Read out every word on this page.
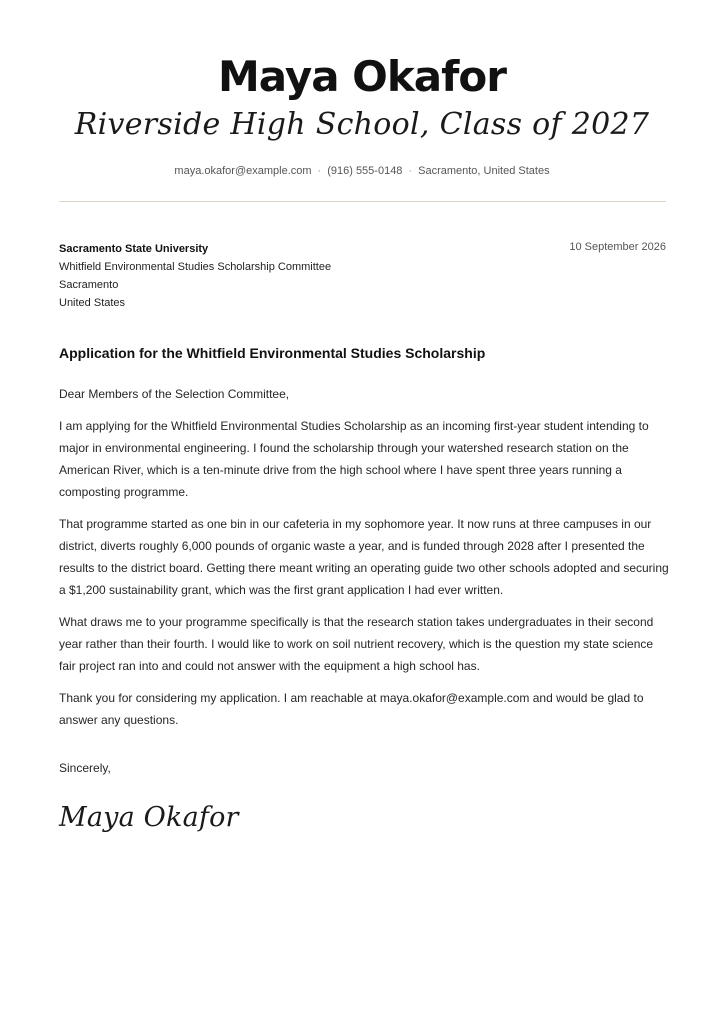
Maya Okafor
Riverside High School, Class of 2027
maya.okafor@example.com · (916) 555-0148 · Sacramento, United States
Sacramento State University
Whitfield Environmental Studies Scholarship Committee
Sacramento
United States
10 September 2026
Application for the Whitfield Environmental Studies Scholarship

Dear Members of the Selection Committee,

I am applying for the Whitfield Environmental Studies Scholarship as an incoming first-year student intending to major in environmental engineering. I found the scholarship through your watershed research station on the American River, which is a ten-minute drive from the high school where I have spent three years running a composting programme.

That programme started as one bin in our cafeteria in my sophomore year. It now runs at three campuses in our district, diverts roughly 6,000 pounds of organic waste a year, and is funded through 2028 after I presented the results to the district board. Getting there meant writing an operating guide two other schools adopted and securing a $1,200 sustainability grant, which was the first grant application I had ever written.

What draws me to your programme specifically is that the research station takes undergraduates in their second year rather than their fourth. I would like to work on soil nutrient recovery, which is the question my state science fair project ran into and could not answer with the equipment a high school has.

Thank you for considering my application. I am reachable at maya.okafor@example.com and would be glad to answer any questions.

Sincerely,
Maya Okafor
